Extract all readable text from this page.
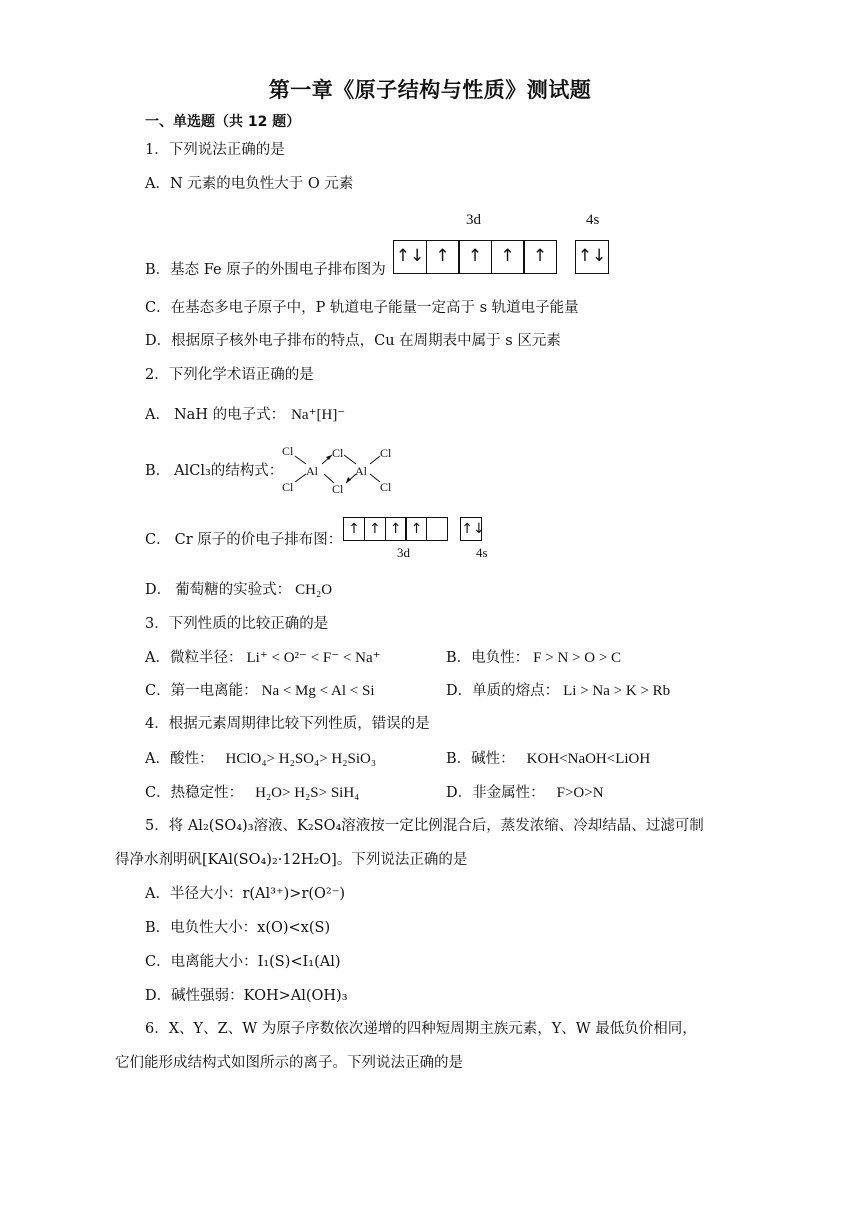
第一章《原子结构与性质》测试题
一、单选题（共 12 题）
1．下列说法正确的是
A．N 元素的电负性大于 O 元素
3d	4s
B．基态 Fe 原子的外围电子排布图为
↑↓ ↑	↑	↑	↑	↑↓
C．在基态多电子原子中，P 轨道电子能量一定高于 s 轨道电子能量
D．根据原子核外电子排布的特点，Cu 在周期表中属于 s 区元素
2．下列化学术语正确的是
A． NaH 的电子式： Na⁺[H]⁻
B． AlCl₃的结构式：
Cl
Cl
Al
Cl
Cl
Al
Cl
Cl
C． Cr 原子的价电子排布图：
↑ ↑ ↑ ↑	↑↓
3d	4s
D． 葡萄糖的实验式： CH₂O
3．下列性质的比较正确的是
A．微粒半径： Li⁺ < O²⁻ < F⁻ < Na⁺	B．电负性： F > N > O > C
C．第一电离能： Na < Mg < Al < Si	D．单质的熔点： Li > Na > K > Rb
4．根据元素周期律比较下列性质，错误的是
A．酸性： HClO₄> H₂SO₄> H₂SiO₃	B．碱性： KOH<NaOH<LiOH
C．热稳定性： H₂O> H₂S> SiH₄	D．非金属性： F>O>N
5．将 Al₂(SO₄)₃溶液、K₂SO₄溶液按一定比例混合后，蒸发浓缩、冷却结晶、过滤可制
得净水剂明矾[KAl(SO₄)₂·12H₂O]。下列说法正确的是
A．半径大小：r(Al³⁺)>r(O²⁻)
B．电负性大小：x(O)<x(S)
C．电离能大小：I₁(S)<I₁(Al)
D．碱性强弱：KOH>Al(OH)₃
6．X、Y、Z、W 为原子序数依次递增的四种短周期主族元素，Y、W 最低负价相同，
它们能形成结构式如图所示的离子。下列说法正确的是
